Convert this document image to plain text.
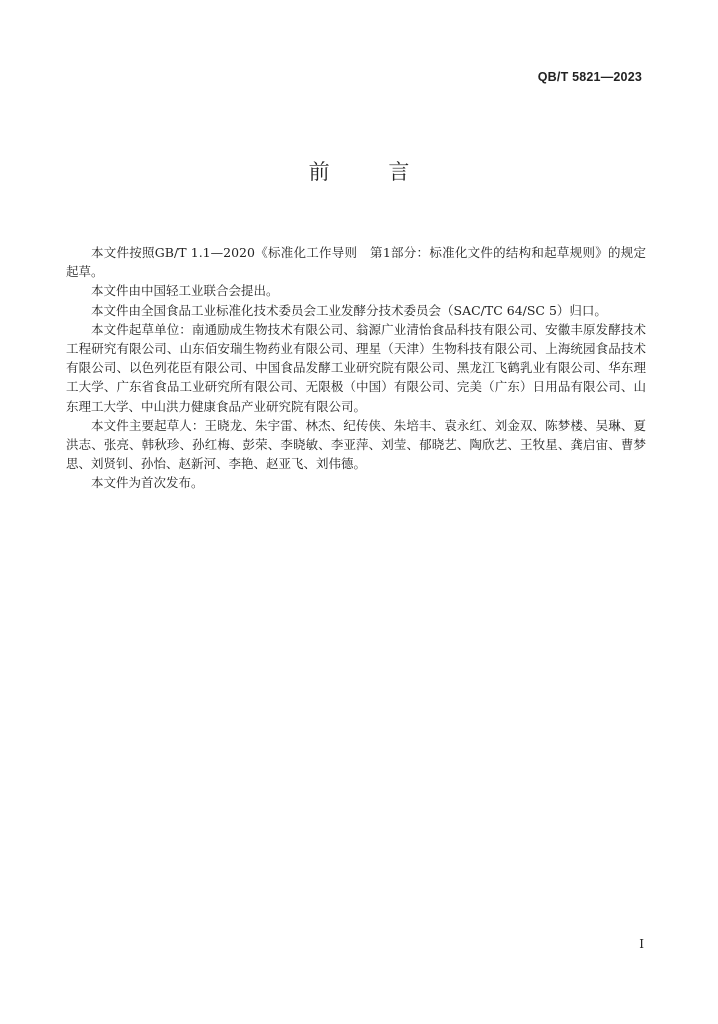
QB/T 5821—2023
前 言

本文件按照GB/T 1.1—2020《标准化工作导则　第1部分：标准化文件的结构和起草规则》的规定起草。

本文件由中国轻工业联合会提出。

本文件由全国食品工业标准化技术委员会工业发酵分技术委员会（SAC/TC 64/SC 5）归口。

本文件起草单位：南通励成生物技术有限公司、翁源广业清怡食品科技有限公司、安徽丰原发酵技术工程研究有限公司、山东佰安瑞生物药业有限公司、理星（天津）生物科技有限公司、上海统园食品技术有限公司、以色列花臣有限公司、中国食品发酵工业研究院有限公司、黑龙江飞鹤乳业有限公司、华东理工大学、广东省食品工业研究所有限公司、无限极（中国）有限公司、完美（广东）日用品有限公司、山东理工大学、中山洪力健康食品产业研究院有限公司。

本文件主要起草人：王晓龙、朱宇雷、林杰、纪传侠、朱培丰、袁永红、刘金双、陈梦楼、吴琳、夏洪志、张亮、韩秋珍、孙红梅、彭荣、李晓敏、李亚萍、刘莹、郁晓艺、陶欣艺、王牧星、龚启宙、曹梦思、刘贤钊、孙怡、赵新河、李艳、赵亚飞、刘伟德。

本文件为首次发布。

I
